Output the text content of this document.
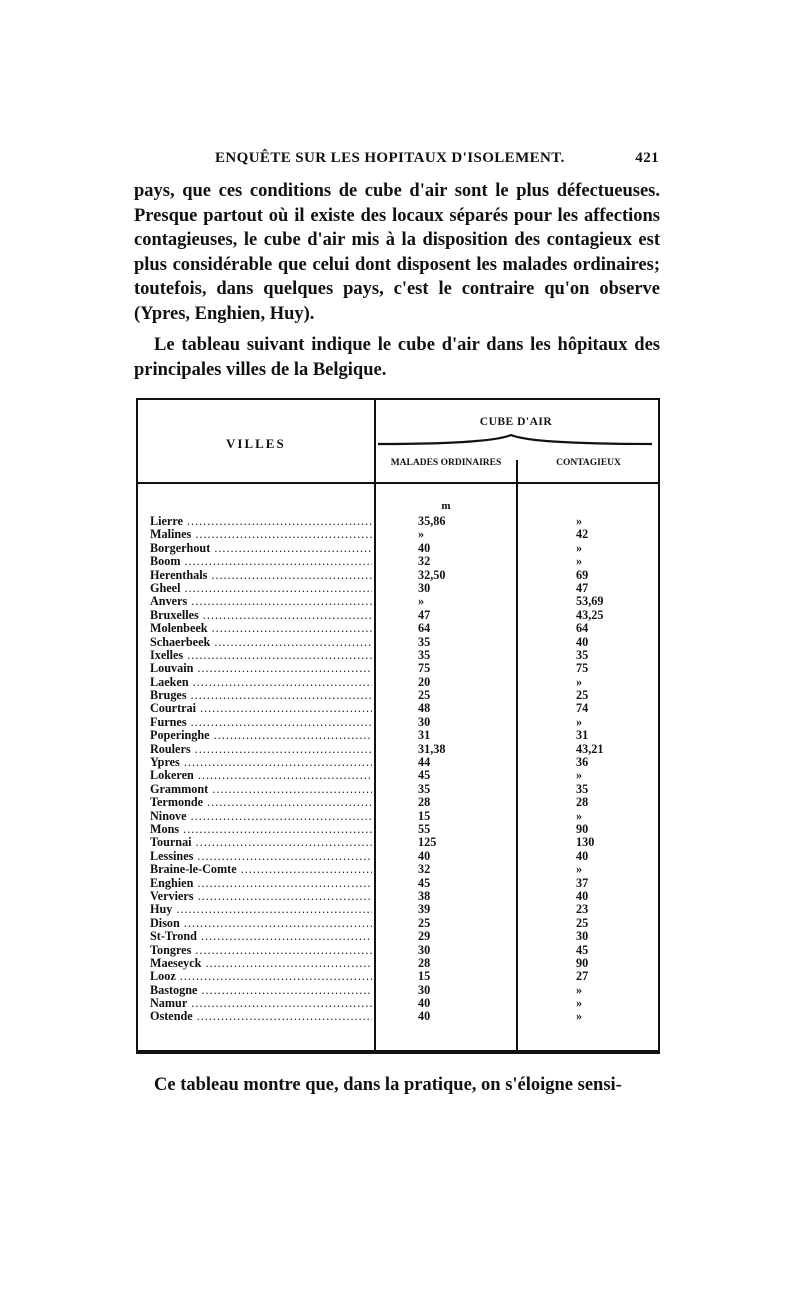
ENQUÊTE SUR LES HOPITAUX D'ISOLEMENT.	421
pays, que ces conditions de cube d'air sont le plus défectueuses. Presque partout où il existe des locaux séparés pour les affections contagieuses, le cube d'air mis à la disposition des contagieux est plus considérable que celui dont disposent les malades ordinaires; toutefois, dans quelques pays, c'est le contraire qu'on observe (Ypres, Enghien, Huy).
Le tableau suivant indique le cube d'air dans les hôpitaux des principales villes de la Belgique.
VILLES
CUBE D'AIR
MALADES ORDINAIRES	CONTAGIEUX
m
Lierre .....	35,86	»
Malines .....	»	42
Borgerhout .....	40	»
Boom .....	32	»
Herenthals .....	32,50	69
Gheel .....	30	47
Anvers .....	»	53,69
Bruxelles .....	47	43,25
Molenbeek .....	64	64
Schaerbeek .....	35	40
Ixelles .....	35	35
Louvain .....	75	75
Laeken .....	20	»
Bruges .....	25	25
Courtrai .....	48	74
Furnes .....	30	»
Poperinghe .....	31	31
Roulers .....	31,38	43,21
Ypres .....	44	36
Lokeren .....	45	»
Grammont .....	35	35
Termonde .....	28	28
Ninove .....	15	»
Mons .....	55	90
Tournai .....	125	130
Lessines .....	40	40
Braine-le-Comte .....	32	»
Enghien .....	45	37
Verviers .....	38	40
Huy .....	39	23
Dison .....	25	25
St-Trond .....	29	30
Tongres .....	30	45
Maeseyck .....	28	90
Looz .....	15	27
Bastogne .....	30	»
Namur .....	40	»
Ostende .....	40	»
Ce tableau montre que, dans la pratique, on s'éloigne sensi-
